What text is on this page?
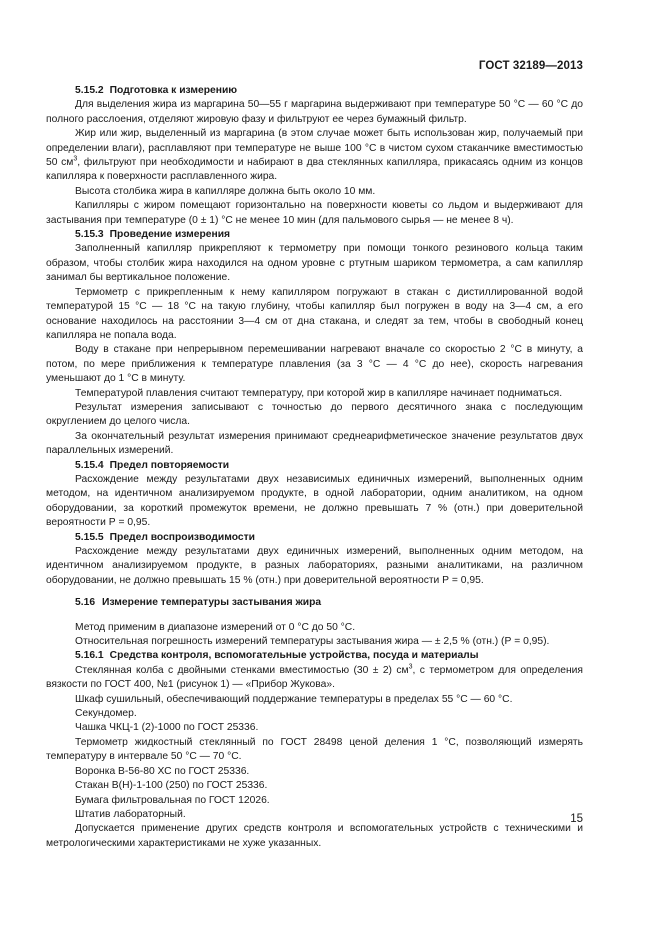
ГОСТ 32189—2013

5.15.2 Подготовка к измерению

Для выделения жира из маргарина 50—55 г маргарина выдерживают при температуре 50 °С — 60 °С до полного расслоения, отделяют жировую фазу и фильтруют ее через бумажный фильтр.

Жир или жир, выделенный из маргарина (в этом случае может быть использован жир, получаемый при определении влаги), расплавляют при температуре не выше 100 °С в чистом сухом стаканчике вместимостью 50 $см^3$, фильтруют при необходимости и набирают в два стеклянных капилляра, прикасаясь одним из концов капилляра к поверхности расплавленного жира.

Высота столбика жира в капилляре должна быть около 10 мм.

Капилляры с жиром помещают горизонтально на поверхности кюветы со льдом и выдерживают для застывания при температуре (0 ± 1) °С не менее 10 мин (для пальмового сырья — не менее 8 ч).

5.15.3 Проведение измерения

Заполненный капилляр прикрепляют к термометру при помощи тонкого резинового кольца таким образом, чтобы столбик жира находился на одном уровне с ртутным шариком термометра, а сам капилляр занимал бы вертикальное положение.

Термометр с прикрепленным к нему капилляром погружают в стакан с дистиллированной водой температурой 15 °С — 18 °С на такую глубину, чтобы капилляр был погружен в воду на 3—4 см, а его основание находилось на расстоянии 3—4 см от дна стакана, и следят за тем, чтобы в свободный конец капилляра не попала вода.

Воду в стакане при непрерывном перемешивании нагревают вначале со скоростью 2 °С в минуту, а потом, по мере приближения к температуре плавления (за 3 °С — 4 °С до нее), скорость нагревания уменьшают до 1 °С в минуту.

Температурой плавления считают температуру, при которой жир в капилляре начинает подниматься.

Результат измерения записывают с точностью до первого десятичного знака с последующим округлением до целого числа.

За окончательный результат измерения принимают среднеарифметическое значение результатов двух параллельных измерений.

5.15.4 Предел повторяемости

Расхождение между результатами двух независимых единичных измерений, выполненных одним методом, на идентичном анализируемом продукте, в одной лаборатории, одним аналитиком, на одном оборудовании, за короткий промежуток времени, не должно превышать 7 % (отн.) при доверительной вероятности Р = 0,95.

5.15.5 Предел воспроизводимости

Расхождение между результатами двух единичных измерений, выполненных одним методом, на идентичном анализируемом продукте, в разных лабораториях, разными аналитиками, на различном оборудовании, не должно превышать 15 % (отн.) при доверительной вероятности Р = 0,95.

5.16 Измерение температуры застывания жира

Метод применим в диапазоне измерений от 0 °С до 50 °С.

Относительная погрешность измерений температуры застывания жира — ± 2,5 % (отн.) (Р = 0,95).

5.16.1 Средства контроля, вспомогательные устройства, посуда и материалы

Стеклянная колба с двойными стенками вместимостью (30 ± 2) $см^3$, с термометром для определения вязкости по ГОСТ 400, №1 (рисунок 1) — «Прибор Жукова».

Шкаф сушильный, обеспечивающий поддержание температуры в пределах 55 °С — 60 °С.

Секундомер.

Чашка ЧКЦ-1 (2)-1000 по ГОСТ 25336.

Термометр жидкостный стеклянный по ГОСТ 28498 ценой деления 1 °С, позволяющий измерять температуру в интервале 50 °С — 70 °С.

Воронка В-56-80 ХС по ГОСТ 25336.

Стакан В(Н)-1-100 (250) по ГОСТ 25336.

Бумага фильтровальная по ГОСТ 12026.

Штатив лабораторный.

Допускается применение других средств контроля и вспомогательных устройств с техническими и метрологическими характеристиками не хуже указанных.

15
